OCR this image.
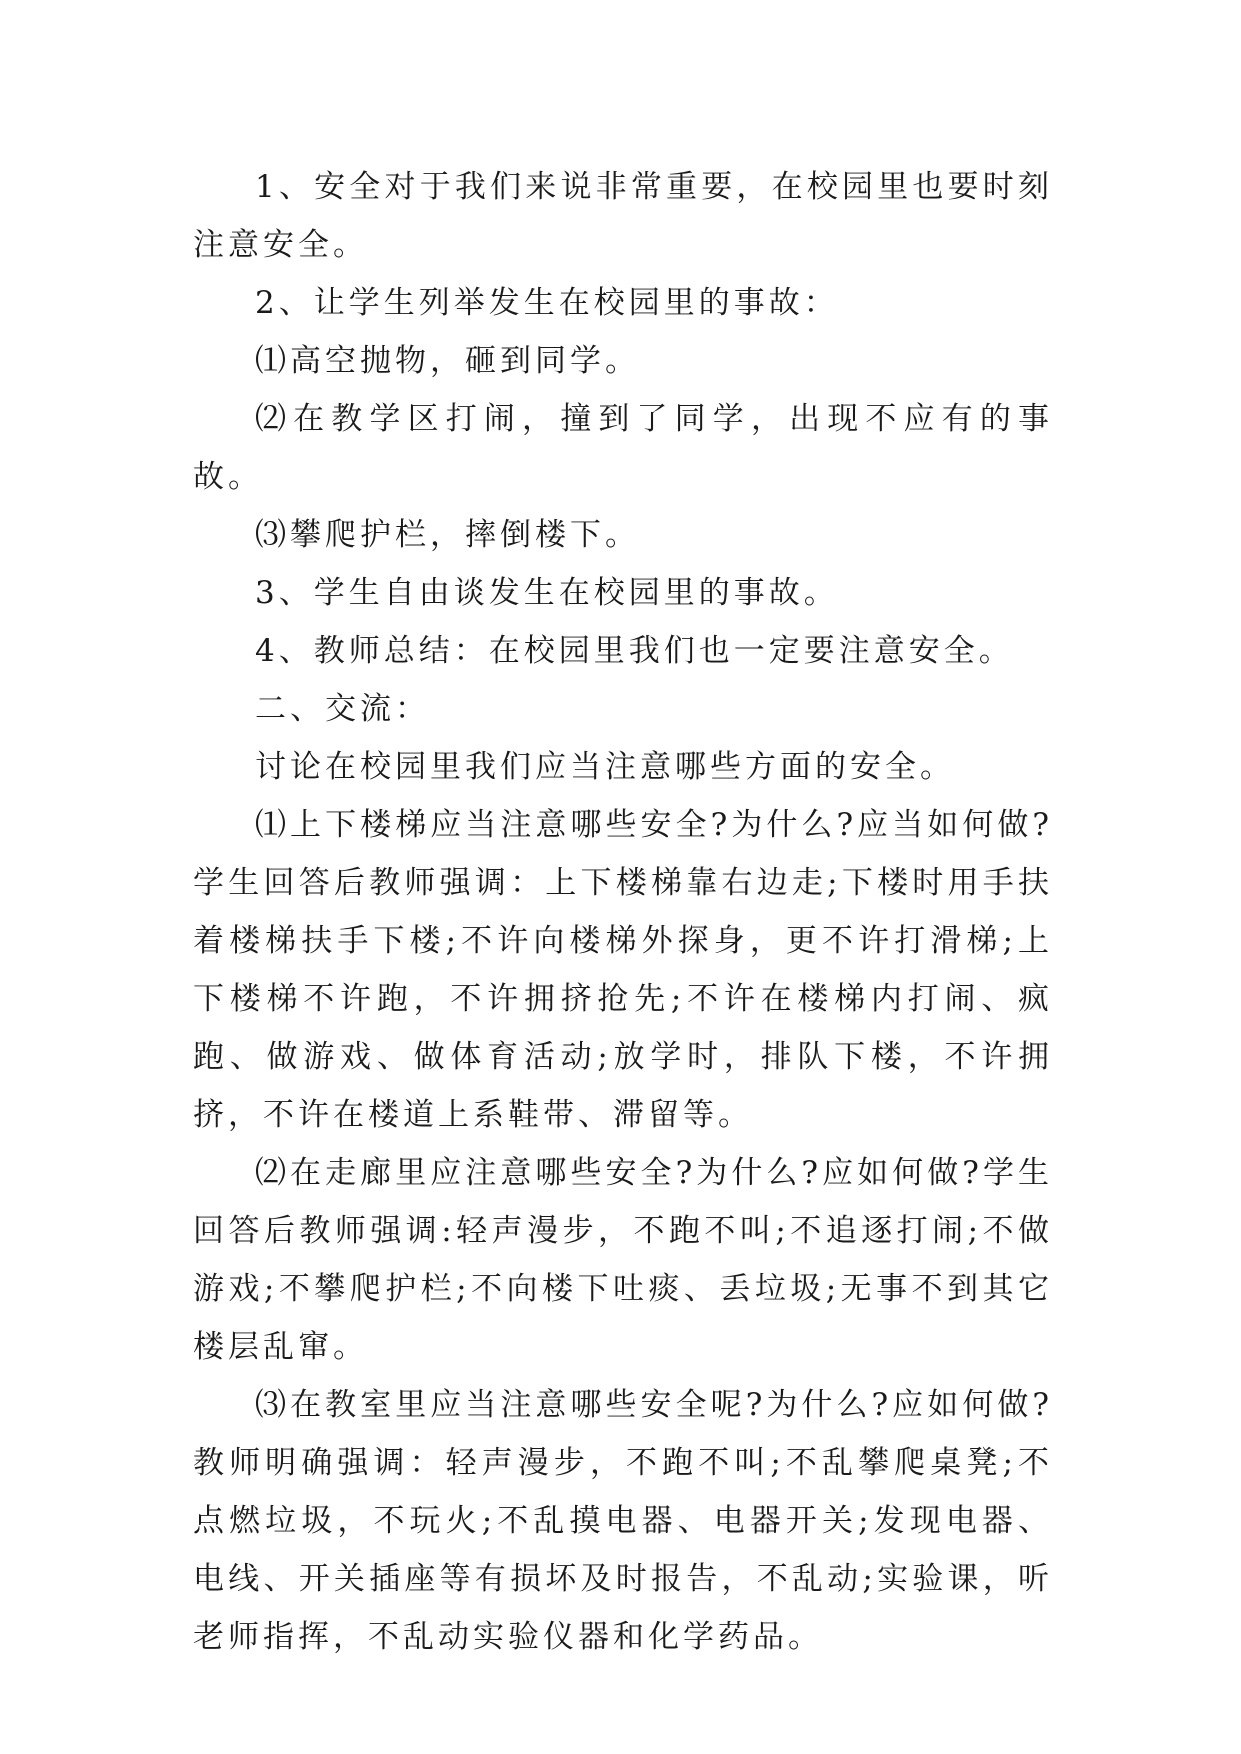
1、安全对于我们来说非常重要，在校园里也要时刻注意安全。

2、让学生列举发生在校园里的事故：

⑴高空抛物，砸到同学。

⑵在教学区打闹，撞到了同学，出现不应有的事故。

⑶攀爬护栏，摔倒楼下。

3、学生自由谈发生在校园里的事故。

4、教师总结：在校园里我们也一定要注意安全。

二、交流：

讨论在校园里我们应当注意哪些方面的安全。

⑴上下楼梯应当注意哪些安全?为什么?应当如何做?学生回答后教师强调：上下楼梯靠右边走;下楼时用手扶着楼梯扶手下楼;不许向楼梯外探身，更不许打滑梯;上下楼梯不许跑，不许拥挤抢先;不许在楼梯内打闹、疯跑、做游戏、做体育活动;放学时，排队下楼，不许拥挤，不许在楼道上系鞋带、滞留等。

⑵在走廊里应注意哪些安全?为什么?应如何做?学生回答后教师强调:轻声漫步，不跑不叫;不追逐打闹;不做游戏;不攀爬护栏;不向楼下吐痰、丢垃圾;无事不到其它楼层乱窜。

⑶在教室里应当注意哪些安全呢?为什么?应如何做?教师明确强调：轻声漫步，不跑不叫;不乱攀爬桌凳;不点燃垃圾，不玩火;不乱摸电器、电器开关;发现电器、电线、开关插座等有损坏及时报告，不乱动;实验课，听老师指挥，不乱动实验仪器和化学药品。
